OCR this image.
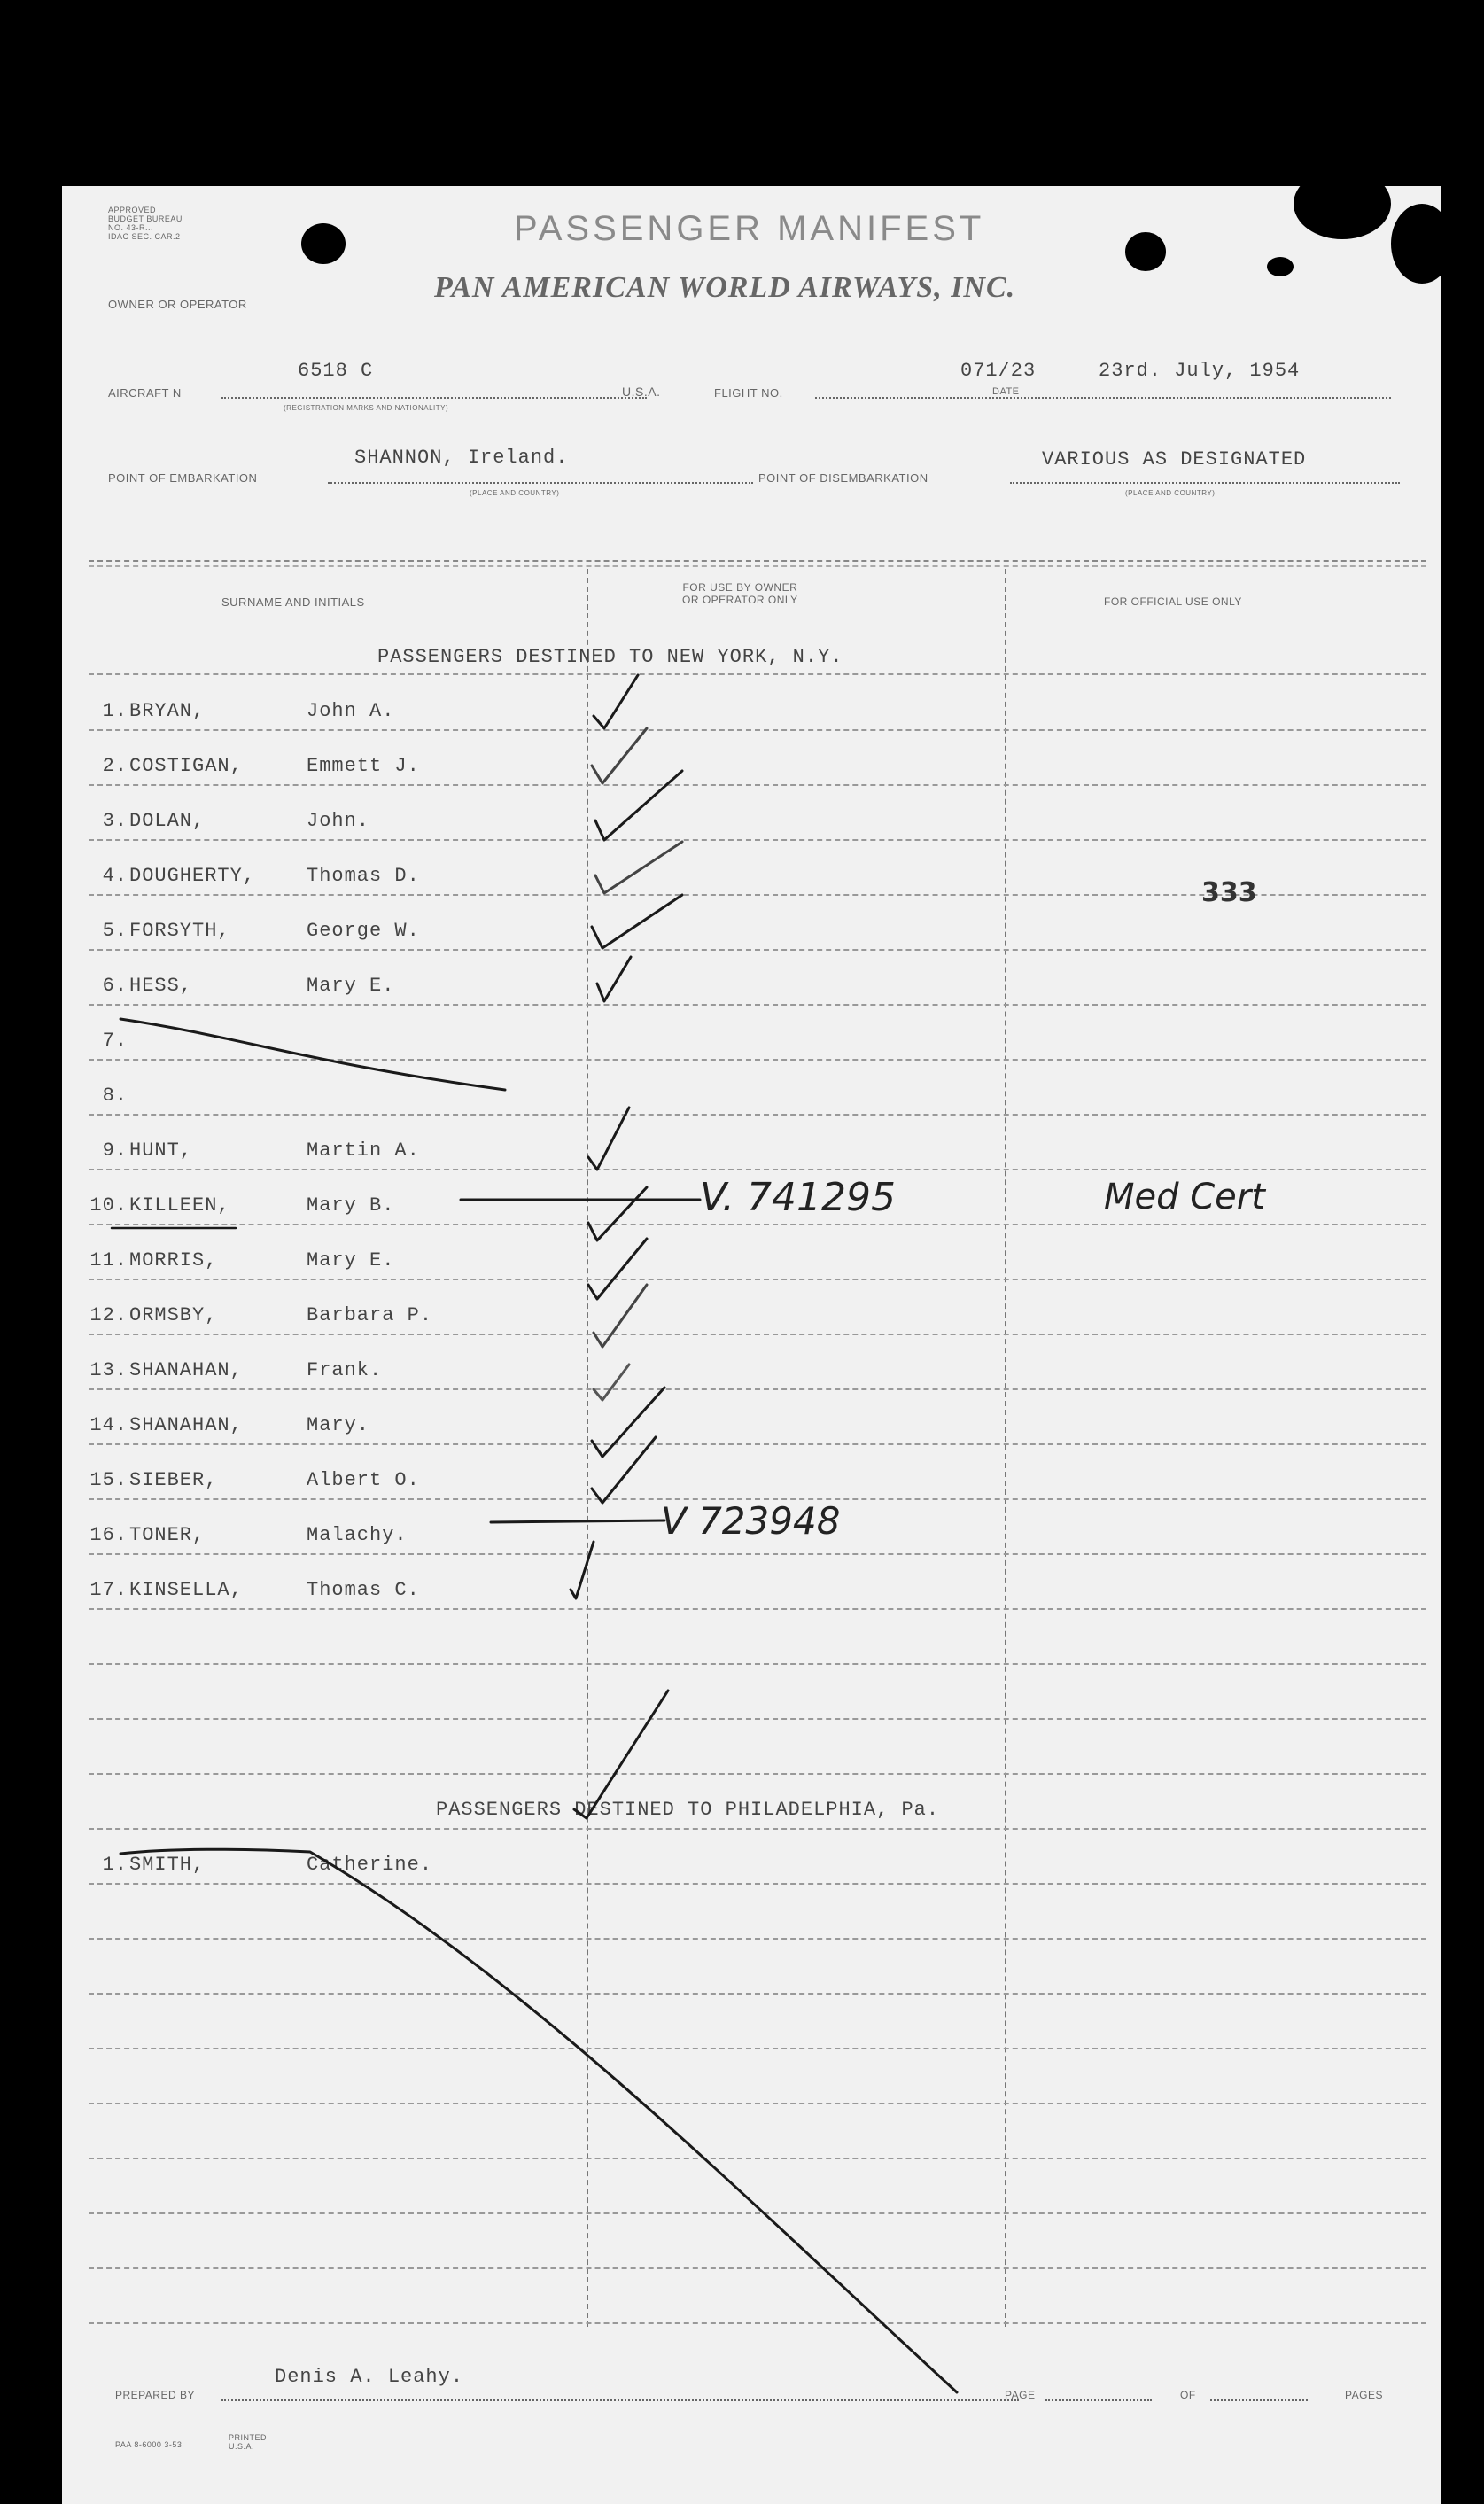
APPROVED
BUDGET BUREAU
NO. 43-R...
IDAC SEC. CAR.2	PASSENGER MANIFEST
OWNER OR OPERATOR
PAN AMERICAN WORLD AIRWAYS, INC.
AIRCRAFT N
6518 C
U.S.A.
(REGISTRATION MARKS AND NATIONALITY)
FLIGHT NO.
071/23
DATE
23rd. July, 1954
POINT OF EMBARKATION
SHANNON, Ireland.
(PLACE AND COUNTRY)
POINT OF DISEMBARKATION
VARIOUS AS DESIGNATED
(PLACE AND COUNTRY)
SURNAME AND INITIALS
FOR USE BY OWNER
OR OPERATOR ONLY	FOR OFFICIAL USE ONLY
PASSENGERS DESTINED TO NEW YORK, N.Y.
1. BRYAN,	John A.
2. COSTIGAN,	Emmett J.
3. DOLAN,	John.
4. DOUGHERTY,	Thomas D.
5. FORSYTH,	George W.
6. HESS,	Mary E.
7.
8.
9. HUNT,	Martin A.
10. KILLEEN,	Mary B.
11. MORRIS,	Mary E.
12. ORMSBY,	Barbara P.
13. SHANAHAN,	Frank.
14. SHANAHAN,	Mary.
15. SIEBER,	Albert O.
16. TONER,	Malachy.
17. KINSELLA,	Thomas C.
PASSENGERS DESTINED TO PHILADELPHIA, Pa.
1. SMITH,	Catherine.
333
V. 741295	Med Cert
V 723948
PREPARED BY
Denis A. Leahy.
PAGE	OF	PAGES
PAA 8-6000 3-53
PRINTED
U.S.A.
